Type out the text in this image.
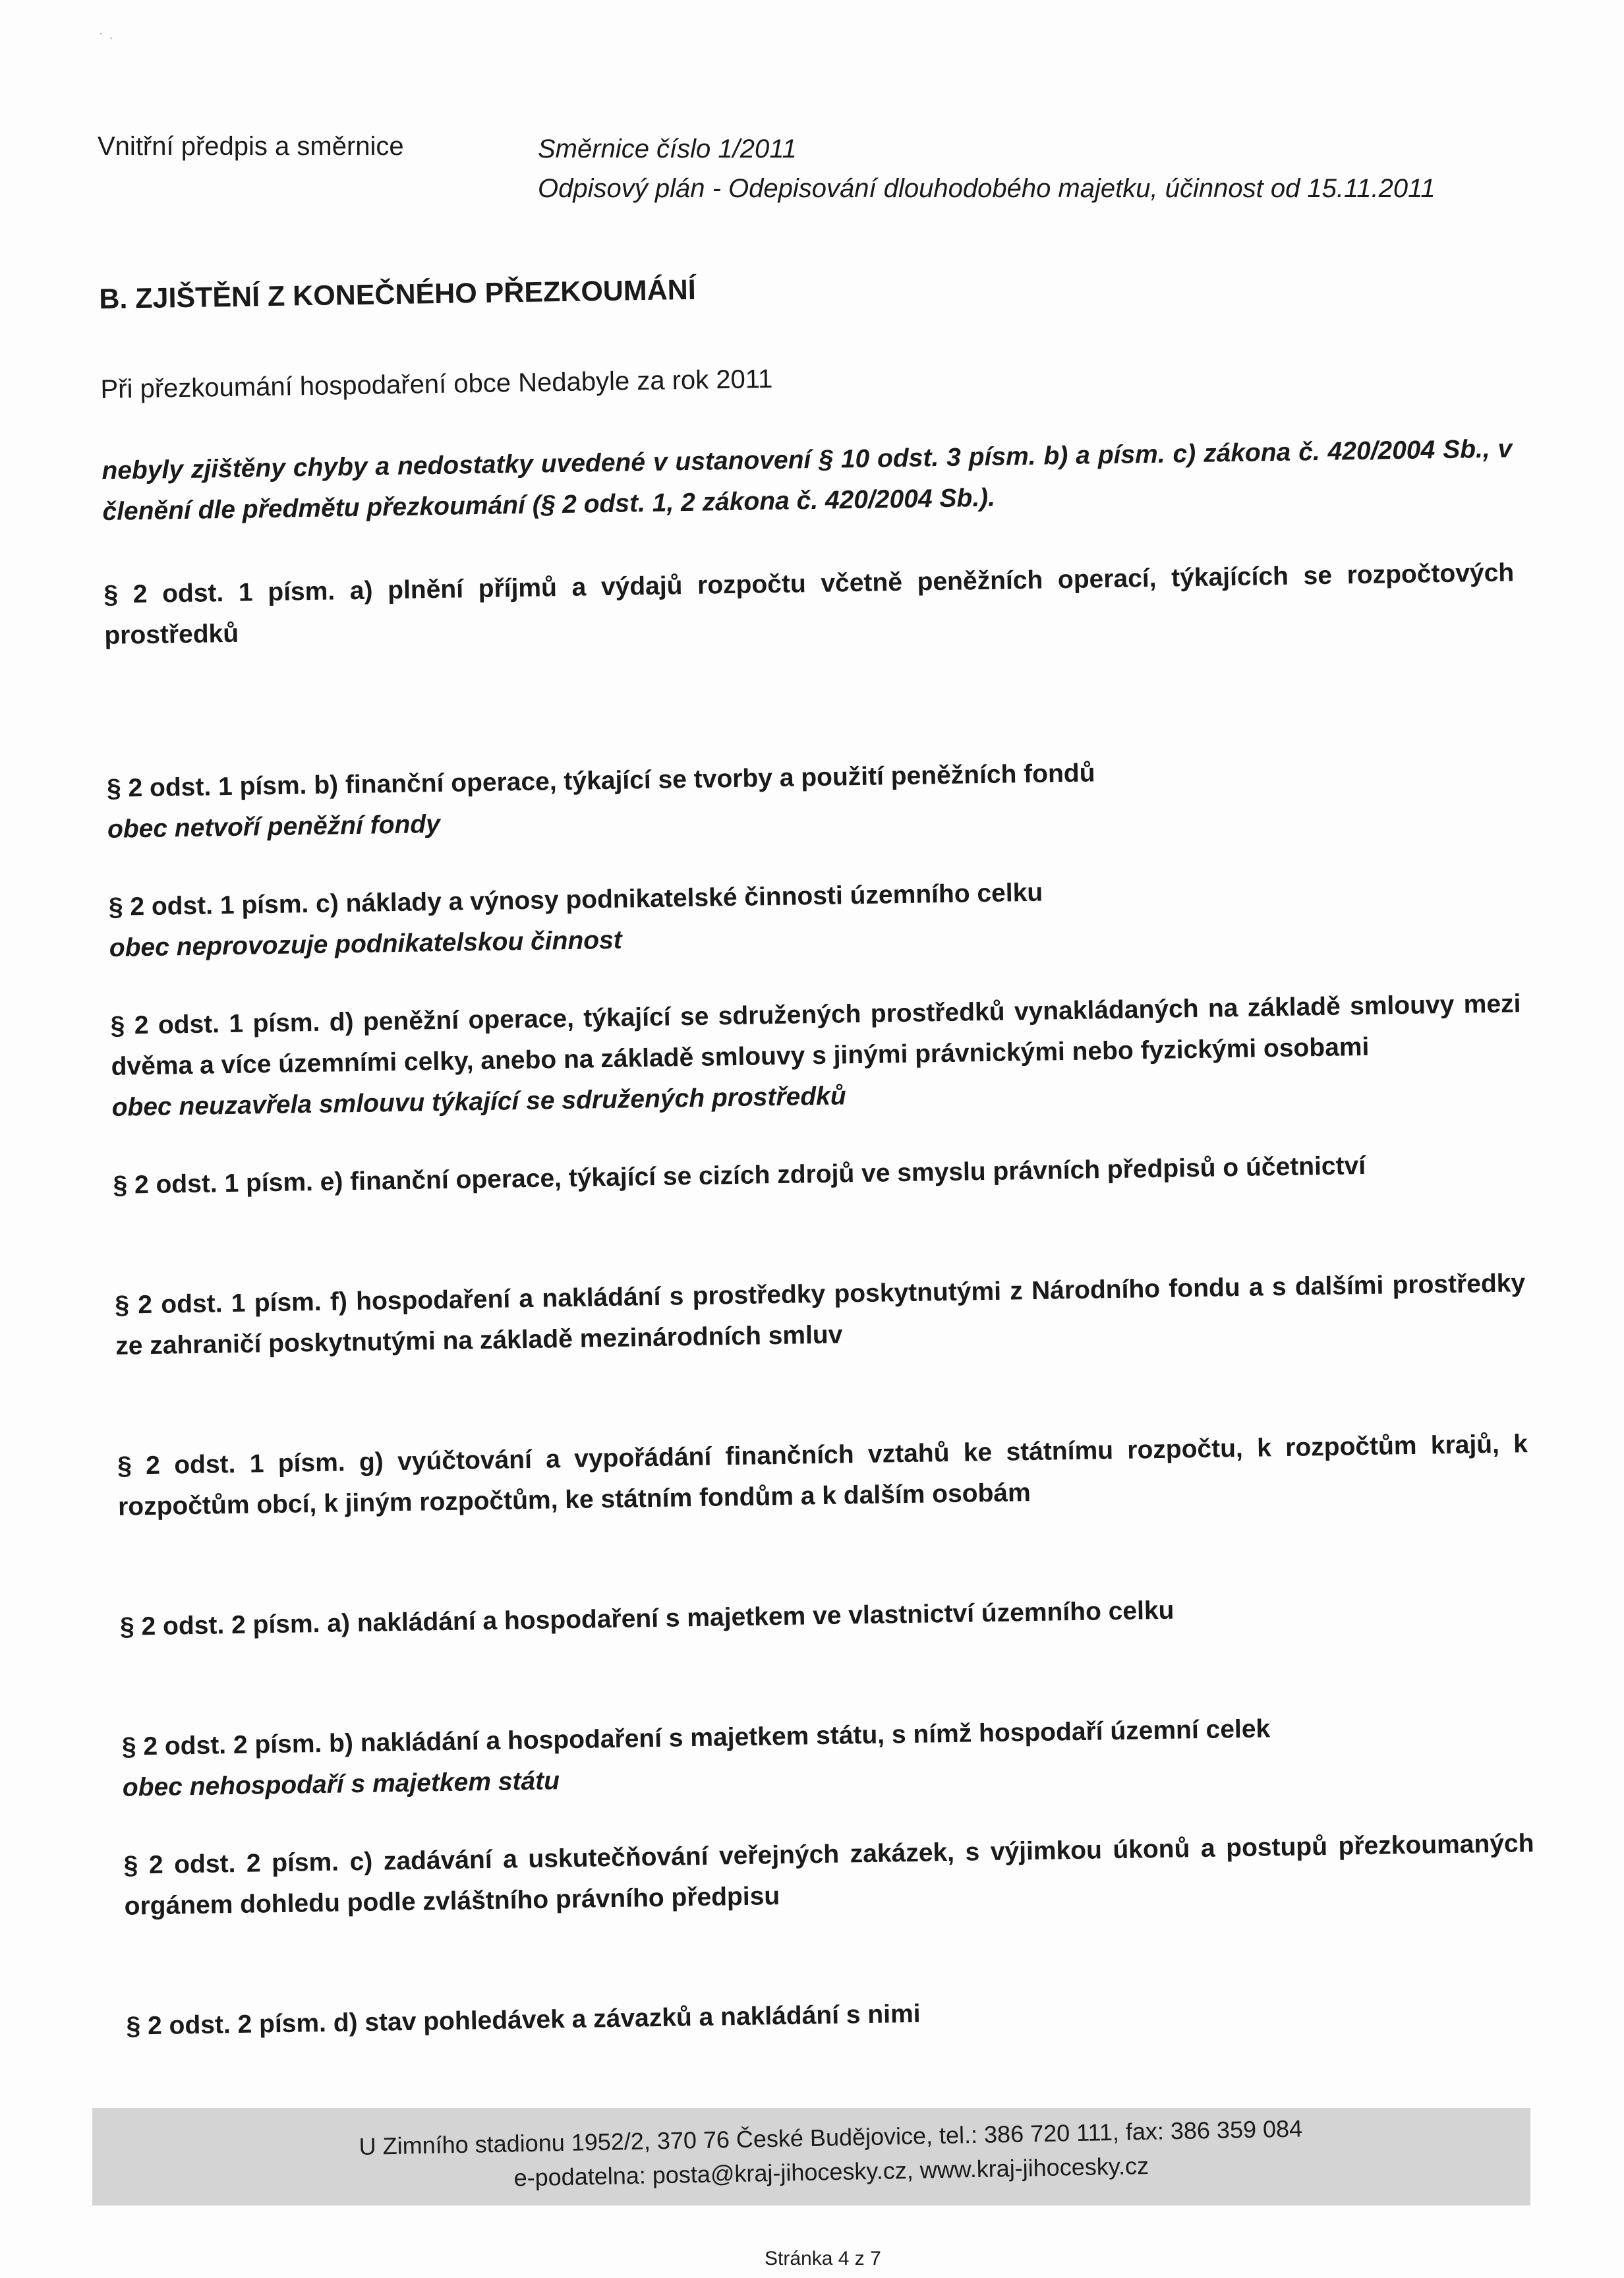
·  ˎ
Vnitřní předpis a směrnice	Směrnice číslo 1/2011
Odpisový plán - Odepisování dlouhodobého majetku, účinnost od 15.11.2011
B. ZJIŠTĚNÍ Z KONEČNÉHO PŘEZKOUMÁNÍ
Při přezkoumání hospodaření obce Nedabyle za rok 2011
nebyly zjištěny chyby a nedostatky uvedené v ustanovení § 10 odst. 3 písm. b) a písm. c) zákona č. 420/2004 Sb., v členění dle předmětu přezkoumání (§ 2 odst. 1, 2 zákona č. 420/2004 Sb.).
§ 2 odst. 1 písm. a) plnění příjmů a výdajů rozpočtu včetně peněžních operací, týkajících se rozpočtových prostředků
§ 2 odst. 1 písm. b) finanční operace, týkající se tvorby a použití peněžních fondů
obec netvoří peněžní fondy
§ 2 odst. 1 písm. c) náklady a výnosy podnikatelské činnosti územního celku
obec neprovozuje podnikatelskou činnost
§ 2 odst. 1 písm. d) peněžní operace, týkající se sdružených prostředků vynakládaných na základě smlouvy mezi dvěma a více územními celky, anebo na základě smlouvy s jinými právnickými nebo fyzickými osobami
obec neuzavřela smlouvu týkající se sdružených prostředků
§ 2 odst. 1 písm. e) finanční operace, týkající se cizích zdrojů ve smyslu právních předpisů o účetnictví
§ 2 odst. 1 písm. f) hospodaření a nakládání s prostředky poskytnutými z Národního fondu a s dalšími prostředky ze zahraničí poskytnutými na základě mezinárodních smluv
§ 2 odst. 1 písm. g) vyúčtování a vypořádání finančních vztahů ke státnímu rozpočtu, k rozpočtům krajů, k rozpočtům obcí, k jiným rozpočtům, ke státním fondům a k dalším osobám
§ 2 odst. 2 písm. a) nakládání a hospodaření s majetkem ve vlastnictví územního celku
§ 2 odst. 2 písm. b) nakládání a hospodaření s majetkem státu, s nímž hospodaří územní celek
obec nehospodaří s majetkem státu
§ 2 odst. 2 písm. c) zadávání a uskutečňování veřejných zakázek, s výjimkou úkonů a postupů přezkoumaných orgánem dohledu podle zvláštního právního předpisu
§ 2 odst. 2 písm. d) stav pohledávek a závazků a nakládání s nimi
U Zimního stadionu 1952/2, 370 76 České Budějovice, tel.: 386 720 111, fax: 386 359 084
e-podatelna: posta@kraj-jihocesky.cz, www.kraj-jihocesky.cz
Stránka 4 z 7
